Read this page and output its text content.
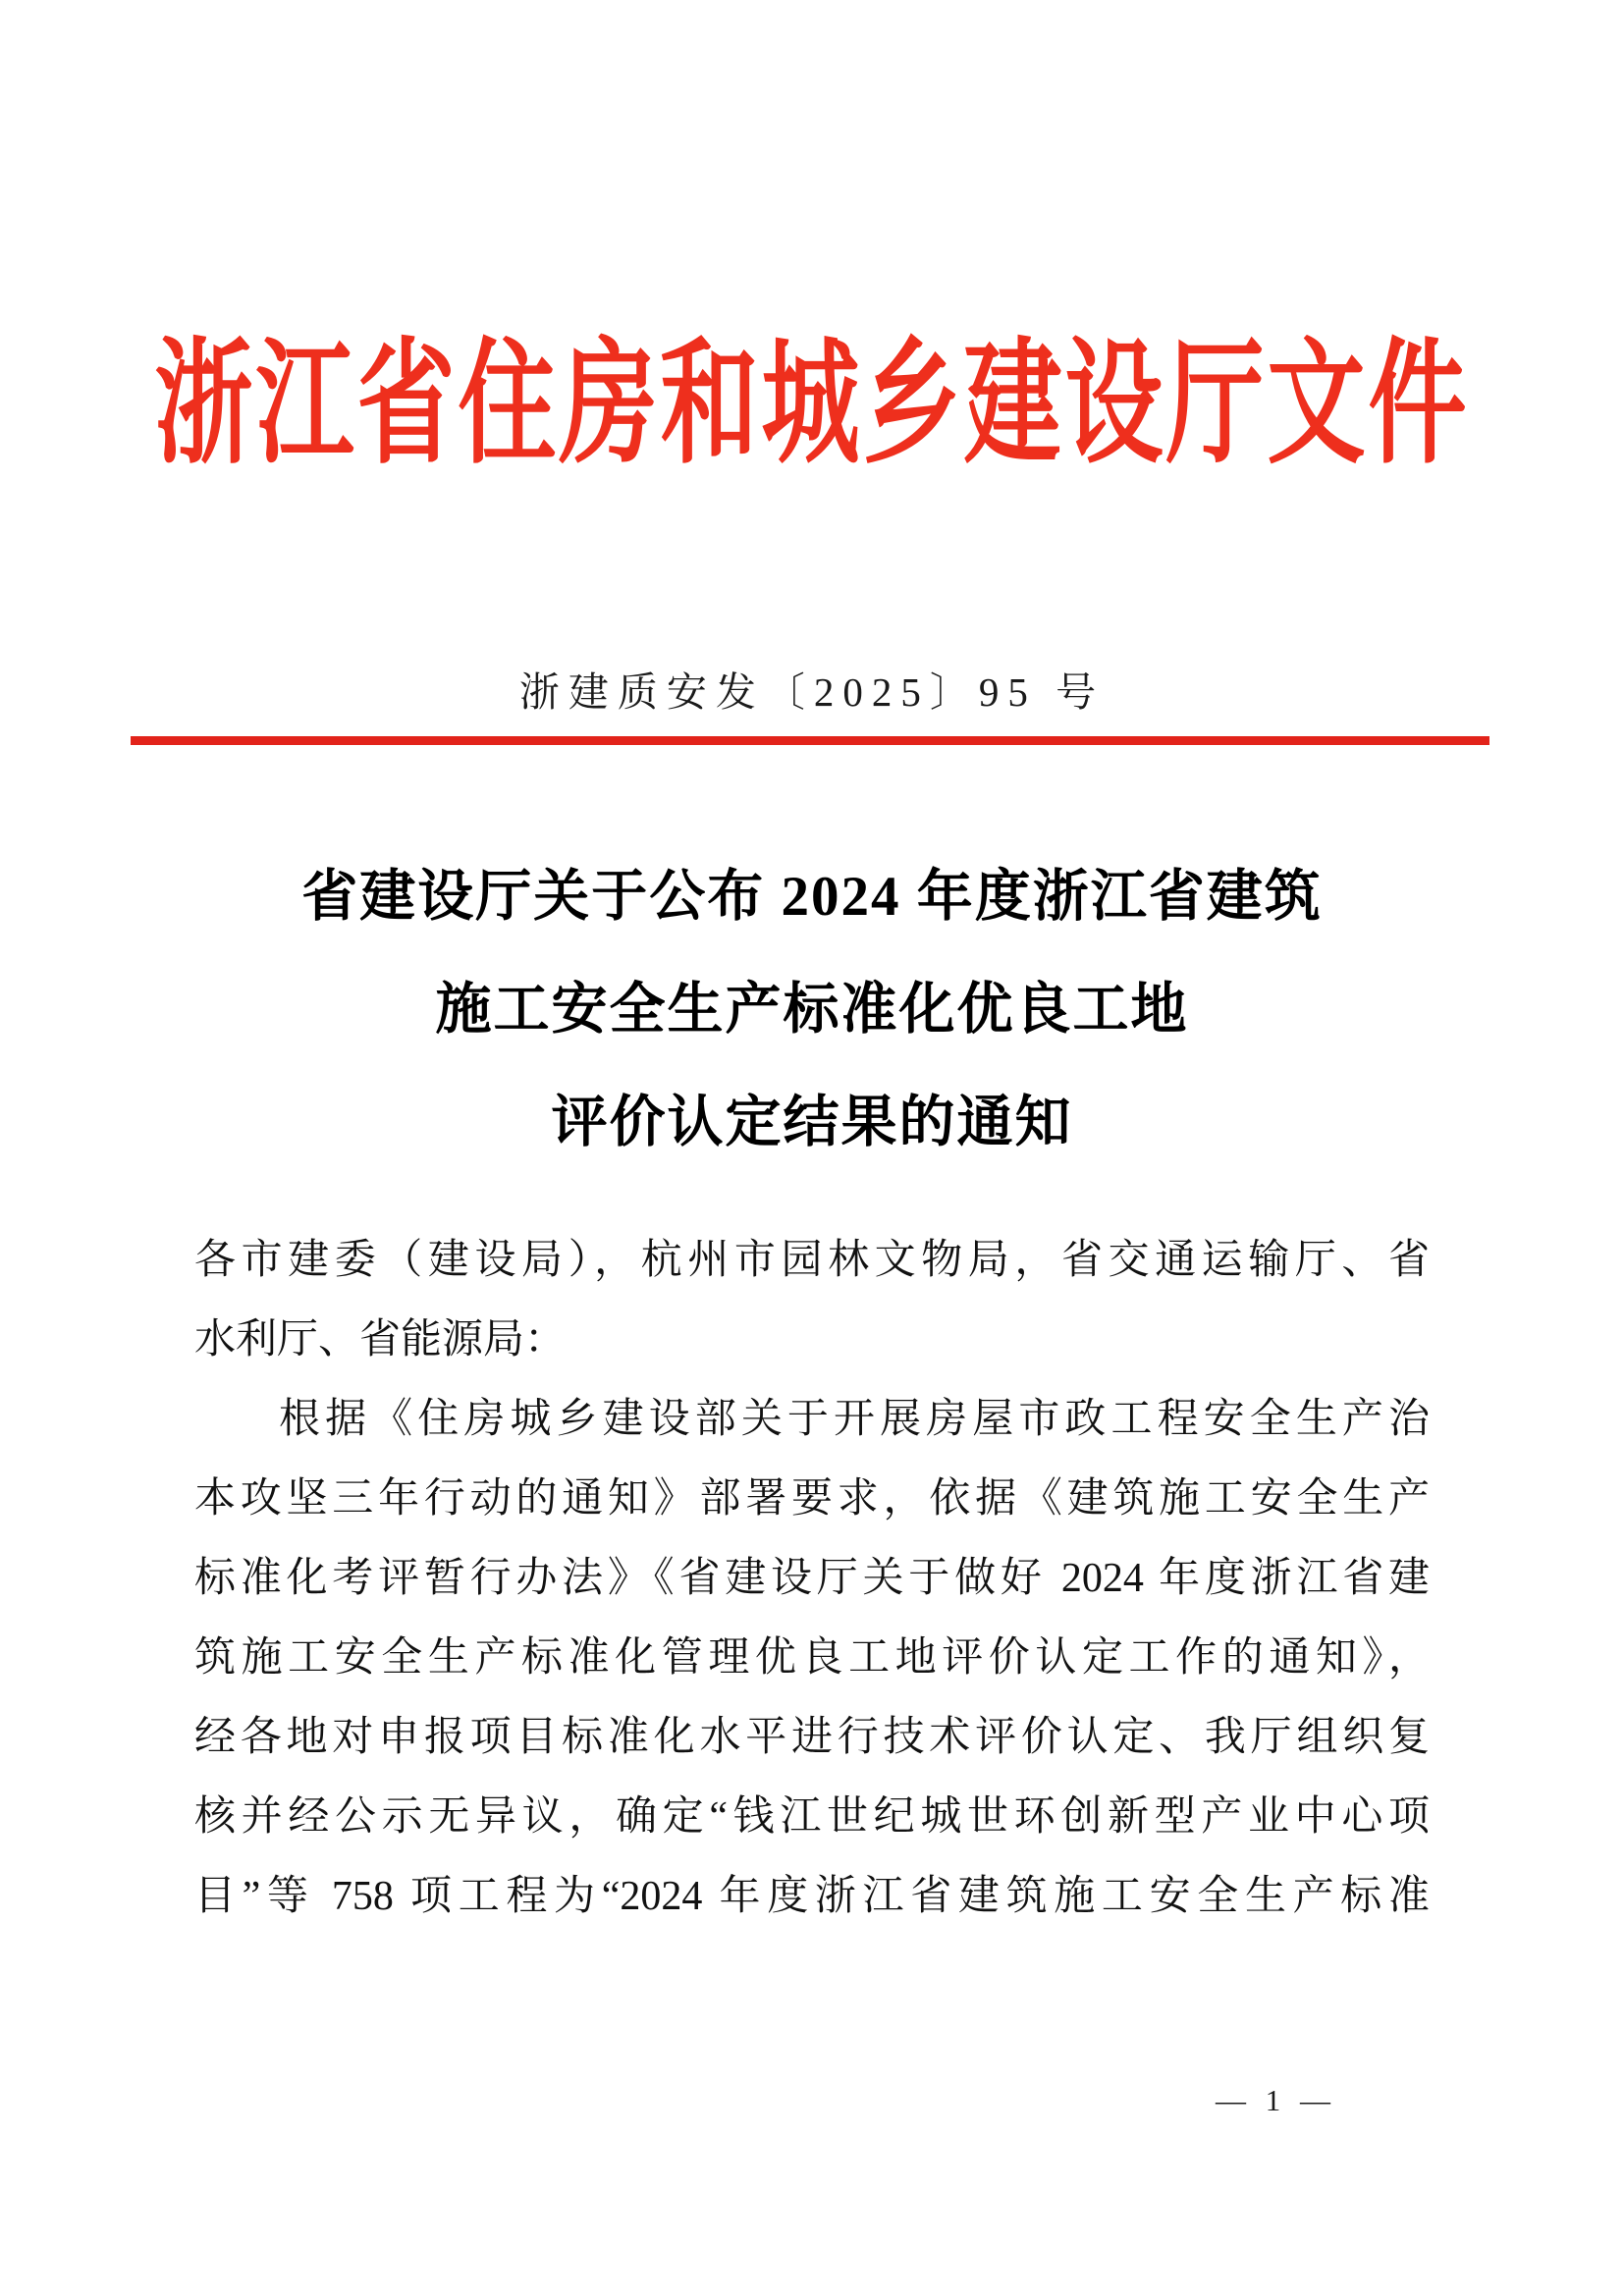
浙江省住房和城乡建设厅文件
浙建质安发〔2025〕95 号
省建设厅关于公布 2024 年度浙江省建筑
施工安全生产标准化优良工地
评价认定结果的通知
各市建委（建设局），杭州市园林文物局，省交通运输厅、省
水利厅、省能源局：
根据《住房城乡建设部关于开展房屋市政工程安全生产治
本攻坚三年行动的通知》部署要求，依据《建筑施工安全生产
标准化考评暂行办法》《省建设厅关于做好 2024 年度浙江省建
筑施工安全生产标准化管理优良工地评价认定工作的通知》，
经各地对申报项目标准化水平进行技术评价认定、我厅组织复
核并经公示无异议，确定“钱江世纪城世环创新型产业中心项
目”等 758 项工程为“2024 年度浙江省建筑施工安全生产标准
— 1 —
